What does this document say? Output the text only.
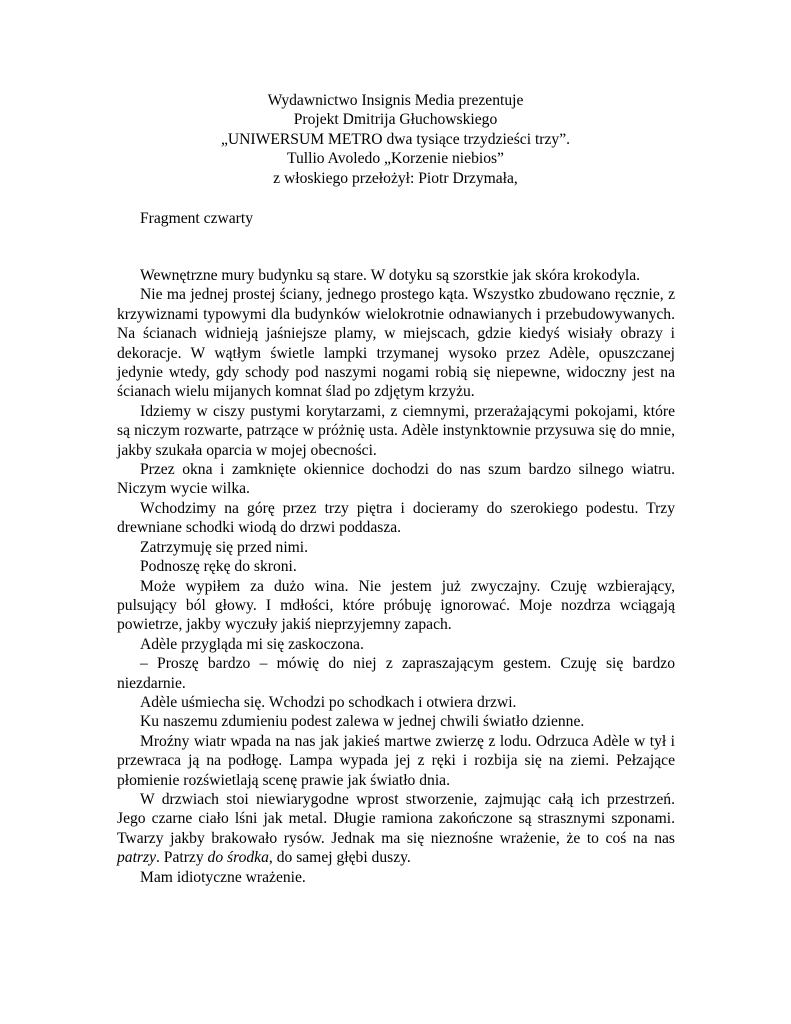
Wydawnictwo Insignis Media prezentuje
Projekt Dmitrija Głuchowskiego
„UNIWERSUM METRO dwa tysiące trzydzieści trzy”.
Tullio Avoledo „Korzenie niebios”
z włoskiego przełożył: Piotr Drzymała,
Fragment czwarty

Wewnętrzne mury budynku są stare. W dotyku są szorstkie jak skóra krokodyla.

Nie ma jednej prostej ściany, jednego prostego kąta. Wszystko zbudowano ręcznie, z krzywiznami typowymi dla budynków wielokrotnie odnawianych i przebudowywanych. Na ścianach widnieją jaśniejsze plamy, w miejscach, gdzie kiedyś wisiały obrazy i dekoracje. W wątłym świetle lampki trzymanej wysoko przez Adèle, opuszczanej jedynie wtedy, gdy schody pod naszymi nogami robią się niepewne, widoczny jest na ścianach wielu mijanych komnat ślad po zdjętym krzyżu.

Idziemy w ciszy pustymi korytarzami, z ciemnymi, przerażającymi pokojami, które są niczym rozwarte, patrzące w próżnię usta. Adèle instynktownie przysuwa się do mnie, jakby szukała oparcia w mojej obecności.

Przez okna i zamknięte okiennice dochodzi do nas szum bardzo silnego wiatru. Niczym wycie wilka.

Wchodzimy na górę przez trzy piętra i docieramy do szerokiego podestu. Trzy drewniane schodki wiodą do drzwi poddasza.

Zatrzymuję się przed nimi.

Podnoszę rękę do skroni.

Może wypiłem za dużo wina. Nie jestem już zwyczajny. Czuję wzbierający, pulsujący ból głowy. I mdłości, które próbuję ignorować. Moje nozdrza wciągają powietrze, jakby wyczuły jakiś nieprzyjemny zapach.

Adèle przygląda mi się zaskoczona.

– Proszę bardzo – mówię do niej z zapraszającym gestem. Czuję się bardzo niezdarnie.

Adèle uśmiecha się. Wchodzi po schodkach i otwiera drzwi.

Ku naszemu zdumieniu podest zalewa w jednej chwili światło dzienne.

Mroźny wiatr wpada na nas jak jakieś martwe zwierzę z lodu. Odrzuca Adèle w tył i przewraca ją na podłogę. Lampa wypada jej z ręki i rozbija się na ziemi. Pełzające płomienie rozświetlają scenę prawie jak światło dnia.

W drzwiach stoi niewiarygodne wprost stworzenie, zajmując całą ich przestrzeń. Jego czarne ciało lśni jak metal. Długie ramiona zakończone są strasznymi szponami. Twarzy jakby brakowało rysów. Jednak ma się nieznośne wrażenie, że to coś na nas patrzy. Patrzy do środka, do samej głębi duszy.

Mam idiotyczne wrażenie.
